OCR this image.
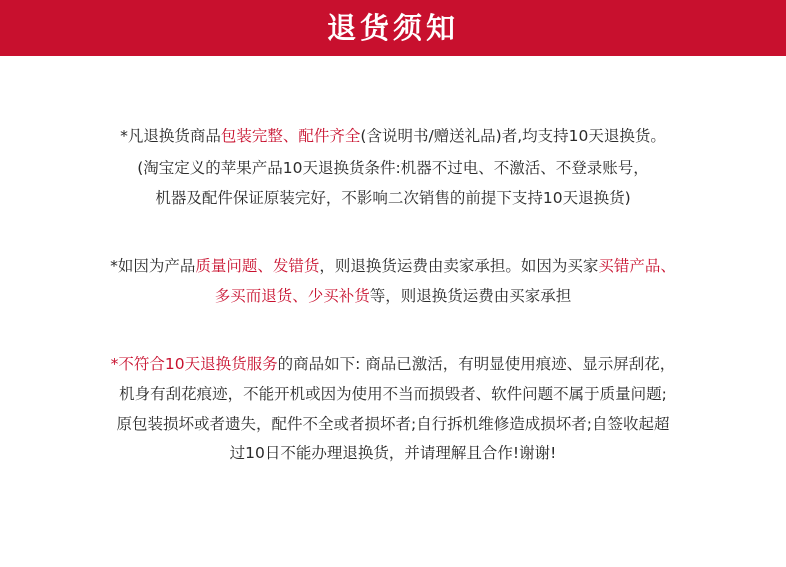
退货须知
*凡退换货商品包装完整、配件齐全(含说明书/赠送礼品)者,均支持10天退换货。
(淘宝定义的苹果产品10天退换货条件:机器不过电、不激活、不登录账号，
机器及配件保证原装完好，不影响二次销售的前提下支持10天退换货)
*如因为产品质量问题、发错货，则退换货运费由卖家承担。如因为买家买错产品、
多买而退货、少买补货等，则退换货运费由买家承担
*不符合10天退换货服务的商品如下: 商品已激活，有明显使用痕迹、显示屏刮花，
机身有刮花痕迹，不能开机或因为使用不当而损毁者、软件问题不属于质量问题;
原包装损坏或者遗失，配件不全或者损坏者;自行拆机维修造成损坏者;自签收起超
过10日不能办理退换货，并请理解且合作!谢谢!
